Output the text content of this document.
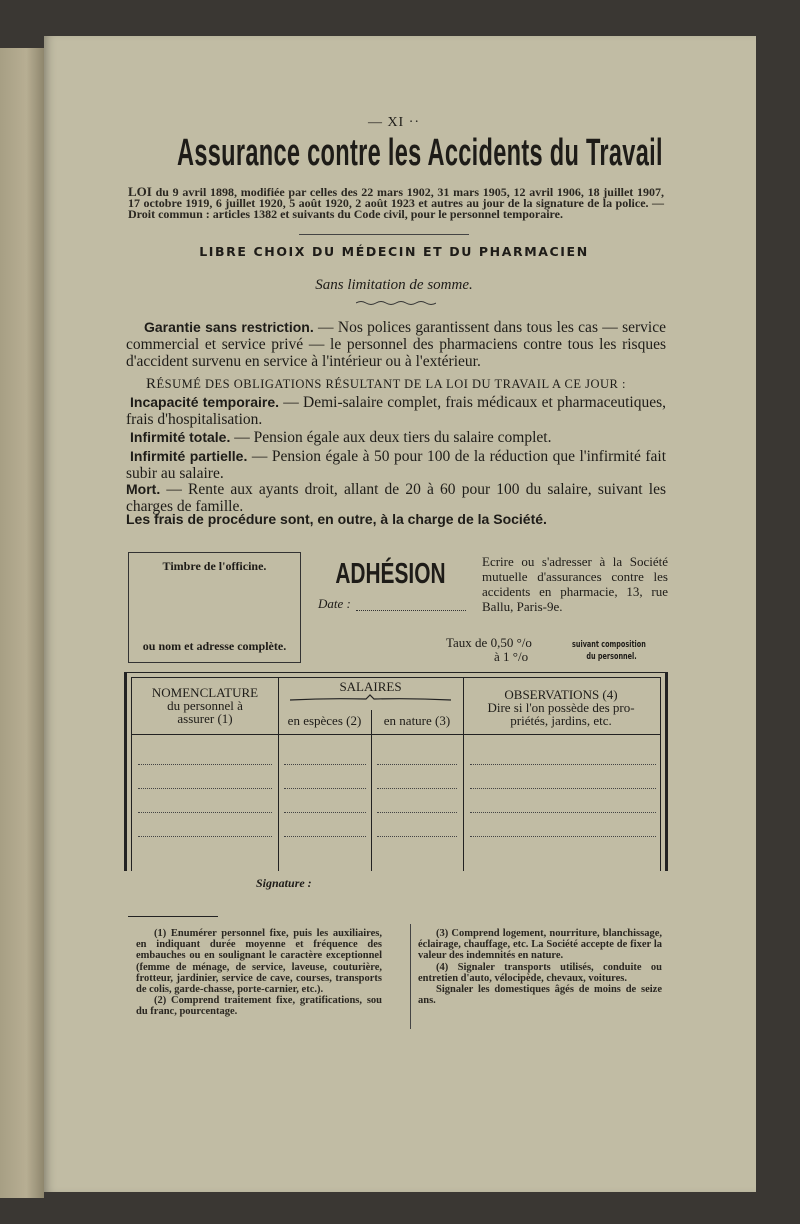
— XI ··
Assurance contre les Accidents du Travail
LOI du 9 avril 1898, modifiée par celles des 22 mars 1902, 31 mars 1905, 12 avril 1906, 18 juillet 1907, 17 octobre 1919, 6 juillet 1920, 5 août 1920, 2 août 1923 et autres au jour de la signature de la police. — Droit commun : articles 1382 et suivants du Code civil, pour le personnel temporaire.
LIBRE CHOIX DU MÉDECIN ET DU PHARMACIEN
Sans limitation de somme.
Garantie sans restriction. — Nos polices garantissent dans tous les cas — service commercial et service privé — le personnel des pharmaciens contre tous les risques d'accident survenu en service à l'intérieur ou à l'extérieur.
RÉSUMÉ DES OBLIGATIONS RÉSULTANT DE LA LOI DU TRAVAIL A CE JOUR :
Incapacité temporaire. — Demi-salaire complet, frais médicaux et pharmaceutiques, frais d'hospitalisation.
Infirmité totale. — Pension égale aux deux tiers du salaire complet.
Infirmité partielle. — Pension égale à 50 pour 100 de la réduction que l'infirmité fait subir au salaire.
Mort. — Rente aux ayants droit, allant de 20 à 60 pour 100 du salaire, suivant les charges de famille.
Les frais de procédure sont, en outre, à la charge de la Société.
Timbre de l'officine.
ou nom et adresse complète.
ADHÉSION
Date :
Ecrire ou s'adresser à la Société mutuelle d'assurances contre les accidents en pharmacie, 13, rue Ballu, Paris-9e.
Taux de 0,50 °/o
à 1 °/o
suivant composition
du personnel.
NOMENCLATURE
du personnel à
assurer (1)
SALAIRES
en espèces (2)	en nature (3)
OBSERVATIONS (4)
Dire si l'on possède des pro-
priétés, jardins, etc.
Signature :

(1) Enumérer personnel fixe, puis les auxiliaires, en indiquant durée moyenne et fréquence des embauches ou en soulignant le caractère exceptionnel (femme de ménage, de service, laveuse, couturière, frotteur, jardinier, service de cave, courses, transports de colis, garde-chasse, porte-carnier, etc.).

(2) Comprend traitement fixe, gratifications, sou du franc, pourcentage.

(3) Comprend logement, nourriture, blanchissage, éclairage, chauffage, etc. La Société accepte de fixer la valeur des indemnités en nature.

(4) Signaler transports utilisés, conduite ou entretien d'auto, vélocipède, chevaux, voitures.

Signaler les domestiques âgés de moins de seize ans.
